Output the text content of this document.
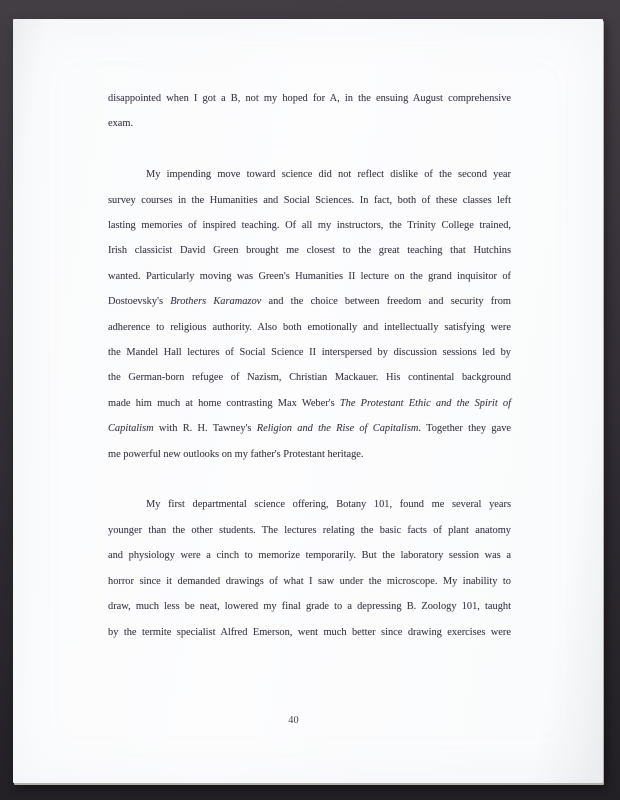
disappointed when I got a B, not my hoped for A, in the ensuing August comprehensive
exam.
My impending move toward science did not reflect dislike of the second year
survey courses in the Humanities and Social Sciences. In fact, both of these classes left
lasting memories of inspired teaching. Of all my instructors, the Trinity College trained,
Irish classicist David Green brought me closest to the great teaching that Hutchins
wanted. Particularly moving was Green's Humanities II lecture on the grand inquisitor of
Dostoevsky's Brothers Karamazov and the choice between freedom and security from
adherence to religious authority. Also both emotionally and intellectually satisfying were
the Mandel Hall lectures of Social Science II interspersed by discussion sessions led by
the German-born refugee of Nazism, Christian Mackauer. His continental background
made him much at home contrasting Max Weber's The Protestant Ethic and the Spirit of
Capitalism with R. H. Tawney's Religion and the Rise of Capitalism. Together they gave
me powerful new outlooks on my father's Protestant heritage.
My first departmental science offering, Botany 101, found me several years
younger than the other students. The lectures relating the basic facts of plant anatomy
and physiology were a cinch to memorize temporarily. But the laboratory session was a
horror since it demanded drawings of what I saw under the microscope. My inability to
draw, much less be neat, lowered my final grade to a depressing B. Zoology 101, taught
by the termite specialist Alfred Emerson, went much better since drawing exercises were
40
